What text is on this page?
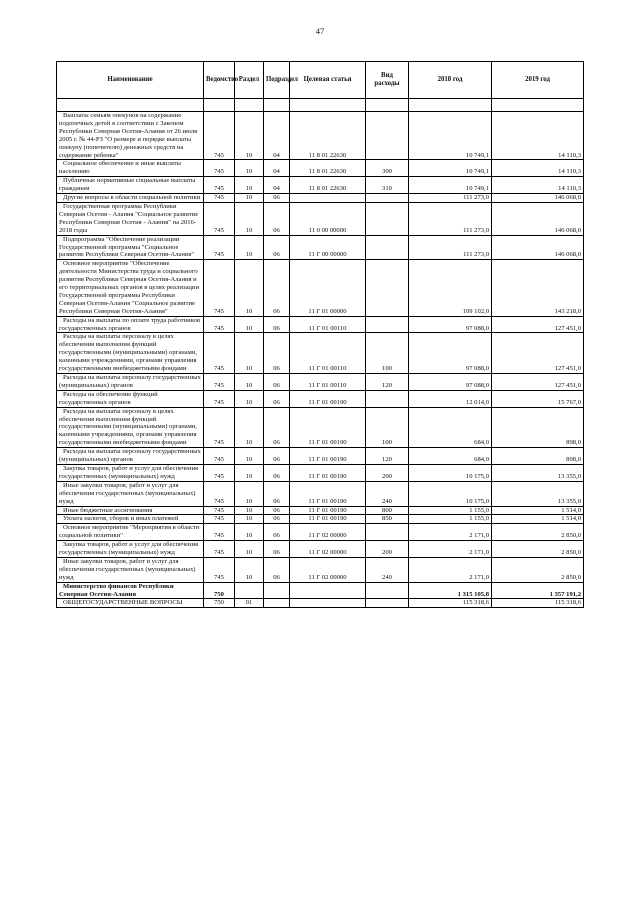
47
Наименование	Ведомство	Раздел	Подраздел	Целевая статья	Вид расходы	2018 год	2019 год

Выплаты семьям опекунов на содержание подопечных детей в соответствии с Законом Республики Северная Осетия-Алания от 26 июля 2005 г. № 44-РЗ "О размере и порядке выплаты опекуну (попечителю) денежных средств на содержание ребенка"	745	10	04	11 8 01 22630		10 749,1	14 110,3

Социальное обеспечение и иные выплаты населению	745	10	04	11 8 01 22630	300	10 749,1	14 110,3

Публичные нормативные социальные выплаты гражданам	745	10	04	11 8 01 22630	310	10 749,1	14 110,3

Другие вопросы в области социальной политики	745	10	06			111 273,0	146 068,0

Государственная программа Республики Северная Осетия - Алания "Социальное развитие Республики Северная Осетия - Алания" на 2016-2018 годы	745	10	06	11 0 00 00000		111 273,0	146 068,0

Подпрограмма "Обеспечение реализации Государственной программы "Социальное развитие Республики Северная Осетия-Алания"	745	10	06	11 Г 00 00000		111 273,0	146 068,0

Основное мероприятие "Обеспечение деятельности Министерства труда и социального развития Республики Северная Осетия-Алания и его территориальных органов в целях реализации Государственной программы Республики Северная Осетия-Алания "Социальное развитие Республики Северная Осетия-Алания"	745	10	06	11 Г 01 00000		109 102,0	143 218,0

Расходы на выплаты по оплате труда работников государственных органов	745	10	06	11 Г 01 00110		97 088,0	127 451,0

Расходы на выплаты персоналу в целях обеспечения выполнения функций государственными (муниципальными) органами, казенными учреждениями, органами управления государственными внебюджетными фондами	745	10	06	11 Г 01 00110	100	97 088,0	127 451,0

Расходы на выплаты персоналу государственных (муниципальных) органов	745	10	06	11 Г 01 00110	120	97 088,0	127 451,0

Расходы на обеспечение функций государственных органов	745	10	06	11 Г 01 00190		12 014,0	15 767,0

Расходы на выплаты персоналу в целях обеспечения выполнения функций государственными (муниципальными) органами, казенными учреждениями, органами управления государственными внебюджетными фондами	745	10	06	11 Г 01 00190	100	684,0	898,0

Расходы на выплаты персоналу государственных (муниципальных) органов	745	10	06	11 Г 01 00190	120	684,0	898,0

Закупка товаров, работ и услуг для обеспечения государственных (муниципальных) нужд	745	10	06	11 Г 01 00190	200	10 175,0	13 355,0

Иные закупки товаров, работ и услуг для обеспечения государственных (муниципальных) нужд	745	10	06	11 Г 01 00190	240	10 175,0	13 355,0

Иные бюджетные ассигнования	745	10	06	11 Г 01 00190	800	1 155,0	1 514,0

Уплата налогов, сборов и иных платежей	745	10	06	11 Г 01 00190	850	1 155,0	1 514,0

Основное мероприятие "Мероприятия в области социальной политики"	745	10	06	11 Г 02 00000		2 171,0	2 850,0

Закупка товаров, работ и услуг для обеспечения государственных (муниципальных) нужд	745	10	06	11 Г 02 00000	200	2 171,0	2 850,0

Иные закупки товаров, работ и услуг для обеспечения государственных (муниципальных) нужд	745	10	06	11 Г 02 00000	240	2 171,0	2 850,0

Министерство финансов Республики Северная Осетия-Алания	750					1 315 105,8	1 357 191,2

ОБЩЕГОСУДАРСТВЕННЫЕ ВОПРОСЫ	750	01				115 318,6	115 318,6
